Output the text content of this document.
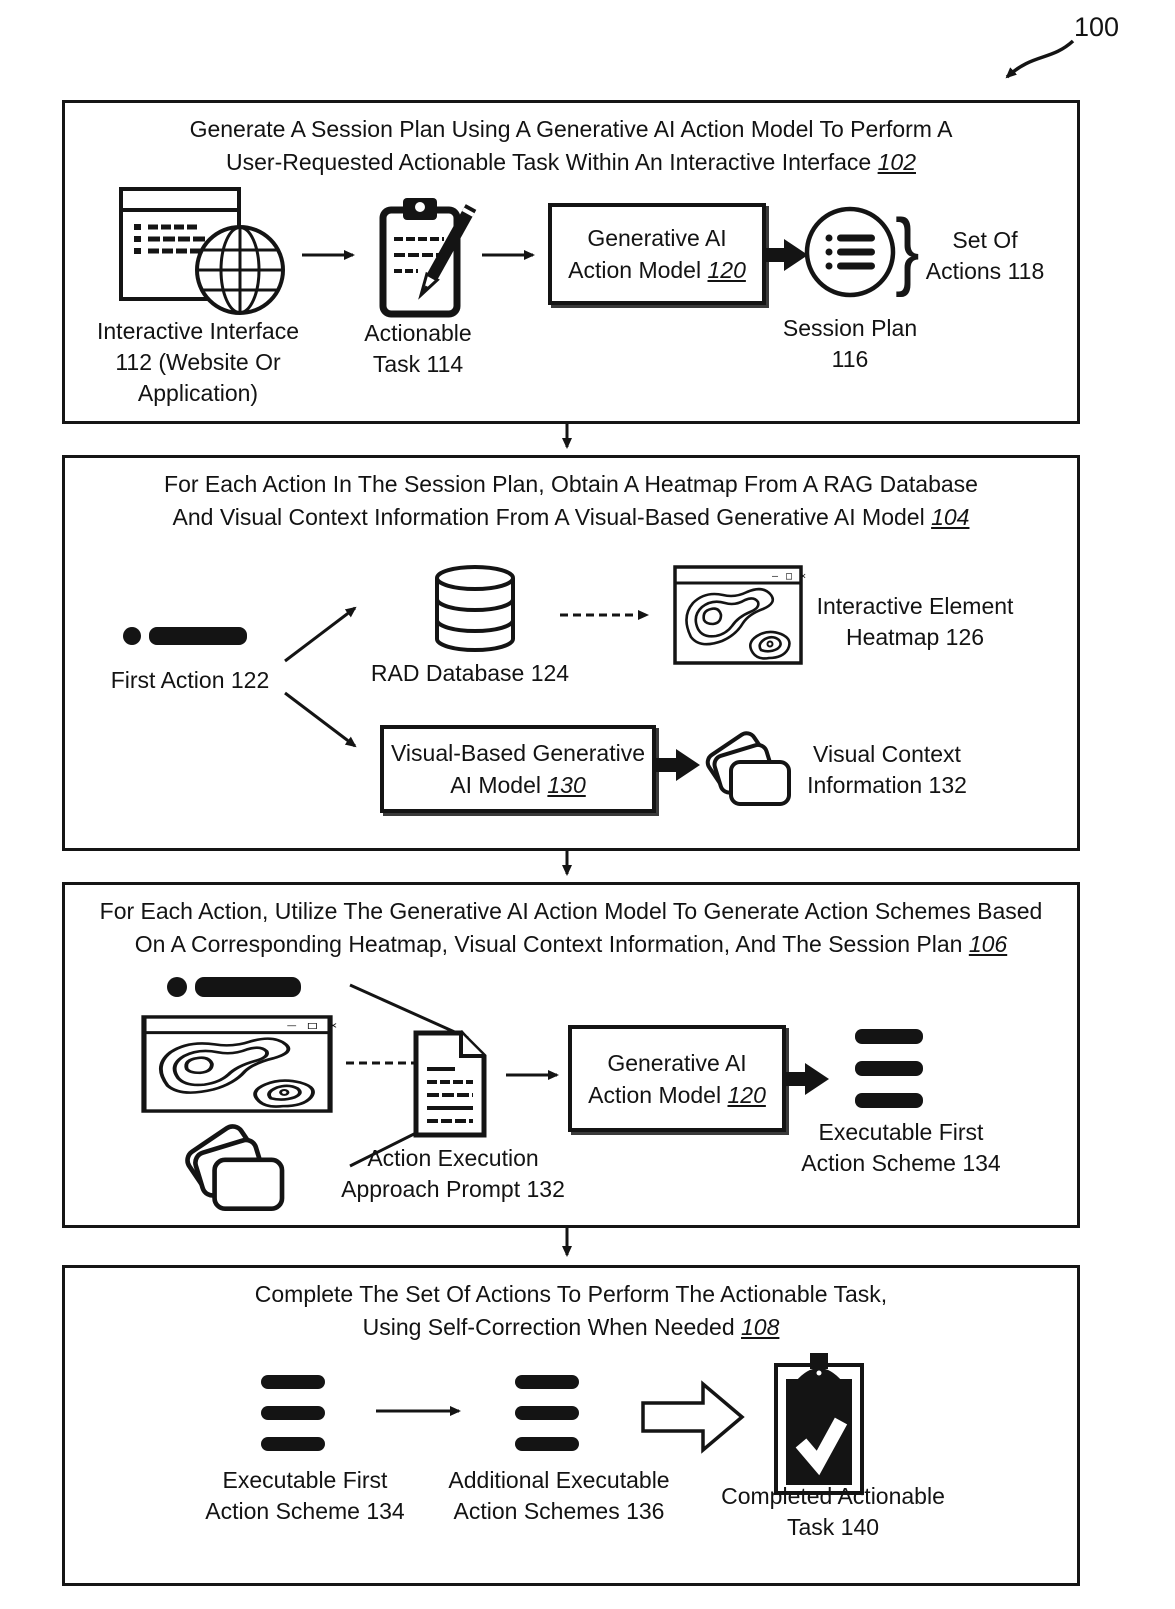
100
Generate A Session Plan Using A Generative AI Action Model To Perform A
User-Requested Actionable Task Within An Interactive Interface 102
Interactive Interface
112 (Website Or
Application)
Actionable
Task 114
Generative AI
Action Model 120 }	Set Of
Actions 118
Session Plan
116
For Each Action In The Session Plan, Obtain A Heatmap From A RAG Database
And Visual Context Information From A Visual-Based Generative AI Model 104
First Action 122	RAD Database 124
– □ ×
Interactive Element
Heatmap 126
Visual-Based Generative
AI Model 130
Visual Context
Information 132
For Each Action, Utilize The Generative AI Action Model To Generate Action Schemes Based
On A Corresponding Heatmap, Visual Context Information, And The Session Plan 106
– □ ×
Action Execution
Approach Prompt 132
Generative AI
Action Model 120
Executable First
Action Scheme 134
Complete The Set Of Actions To Perform The Actionable Task,
Using Self-Correction When Needed 108
Executable First
Action Scheme 134
Additional Executable
Action Schemes 136
Completed Actionable
Task 140
